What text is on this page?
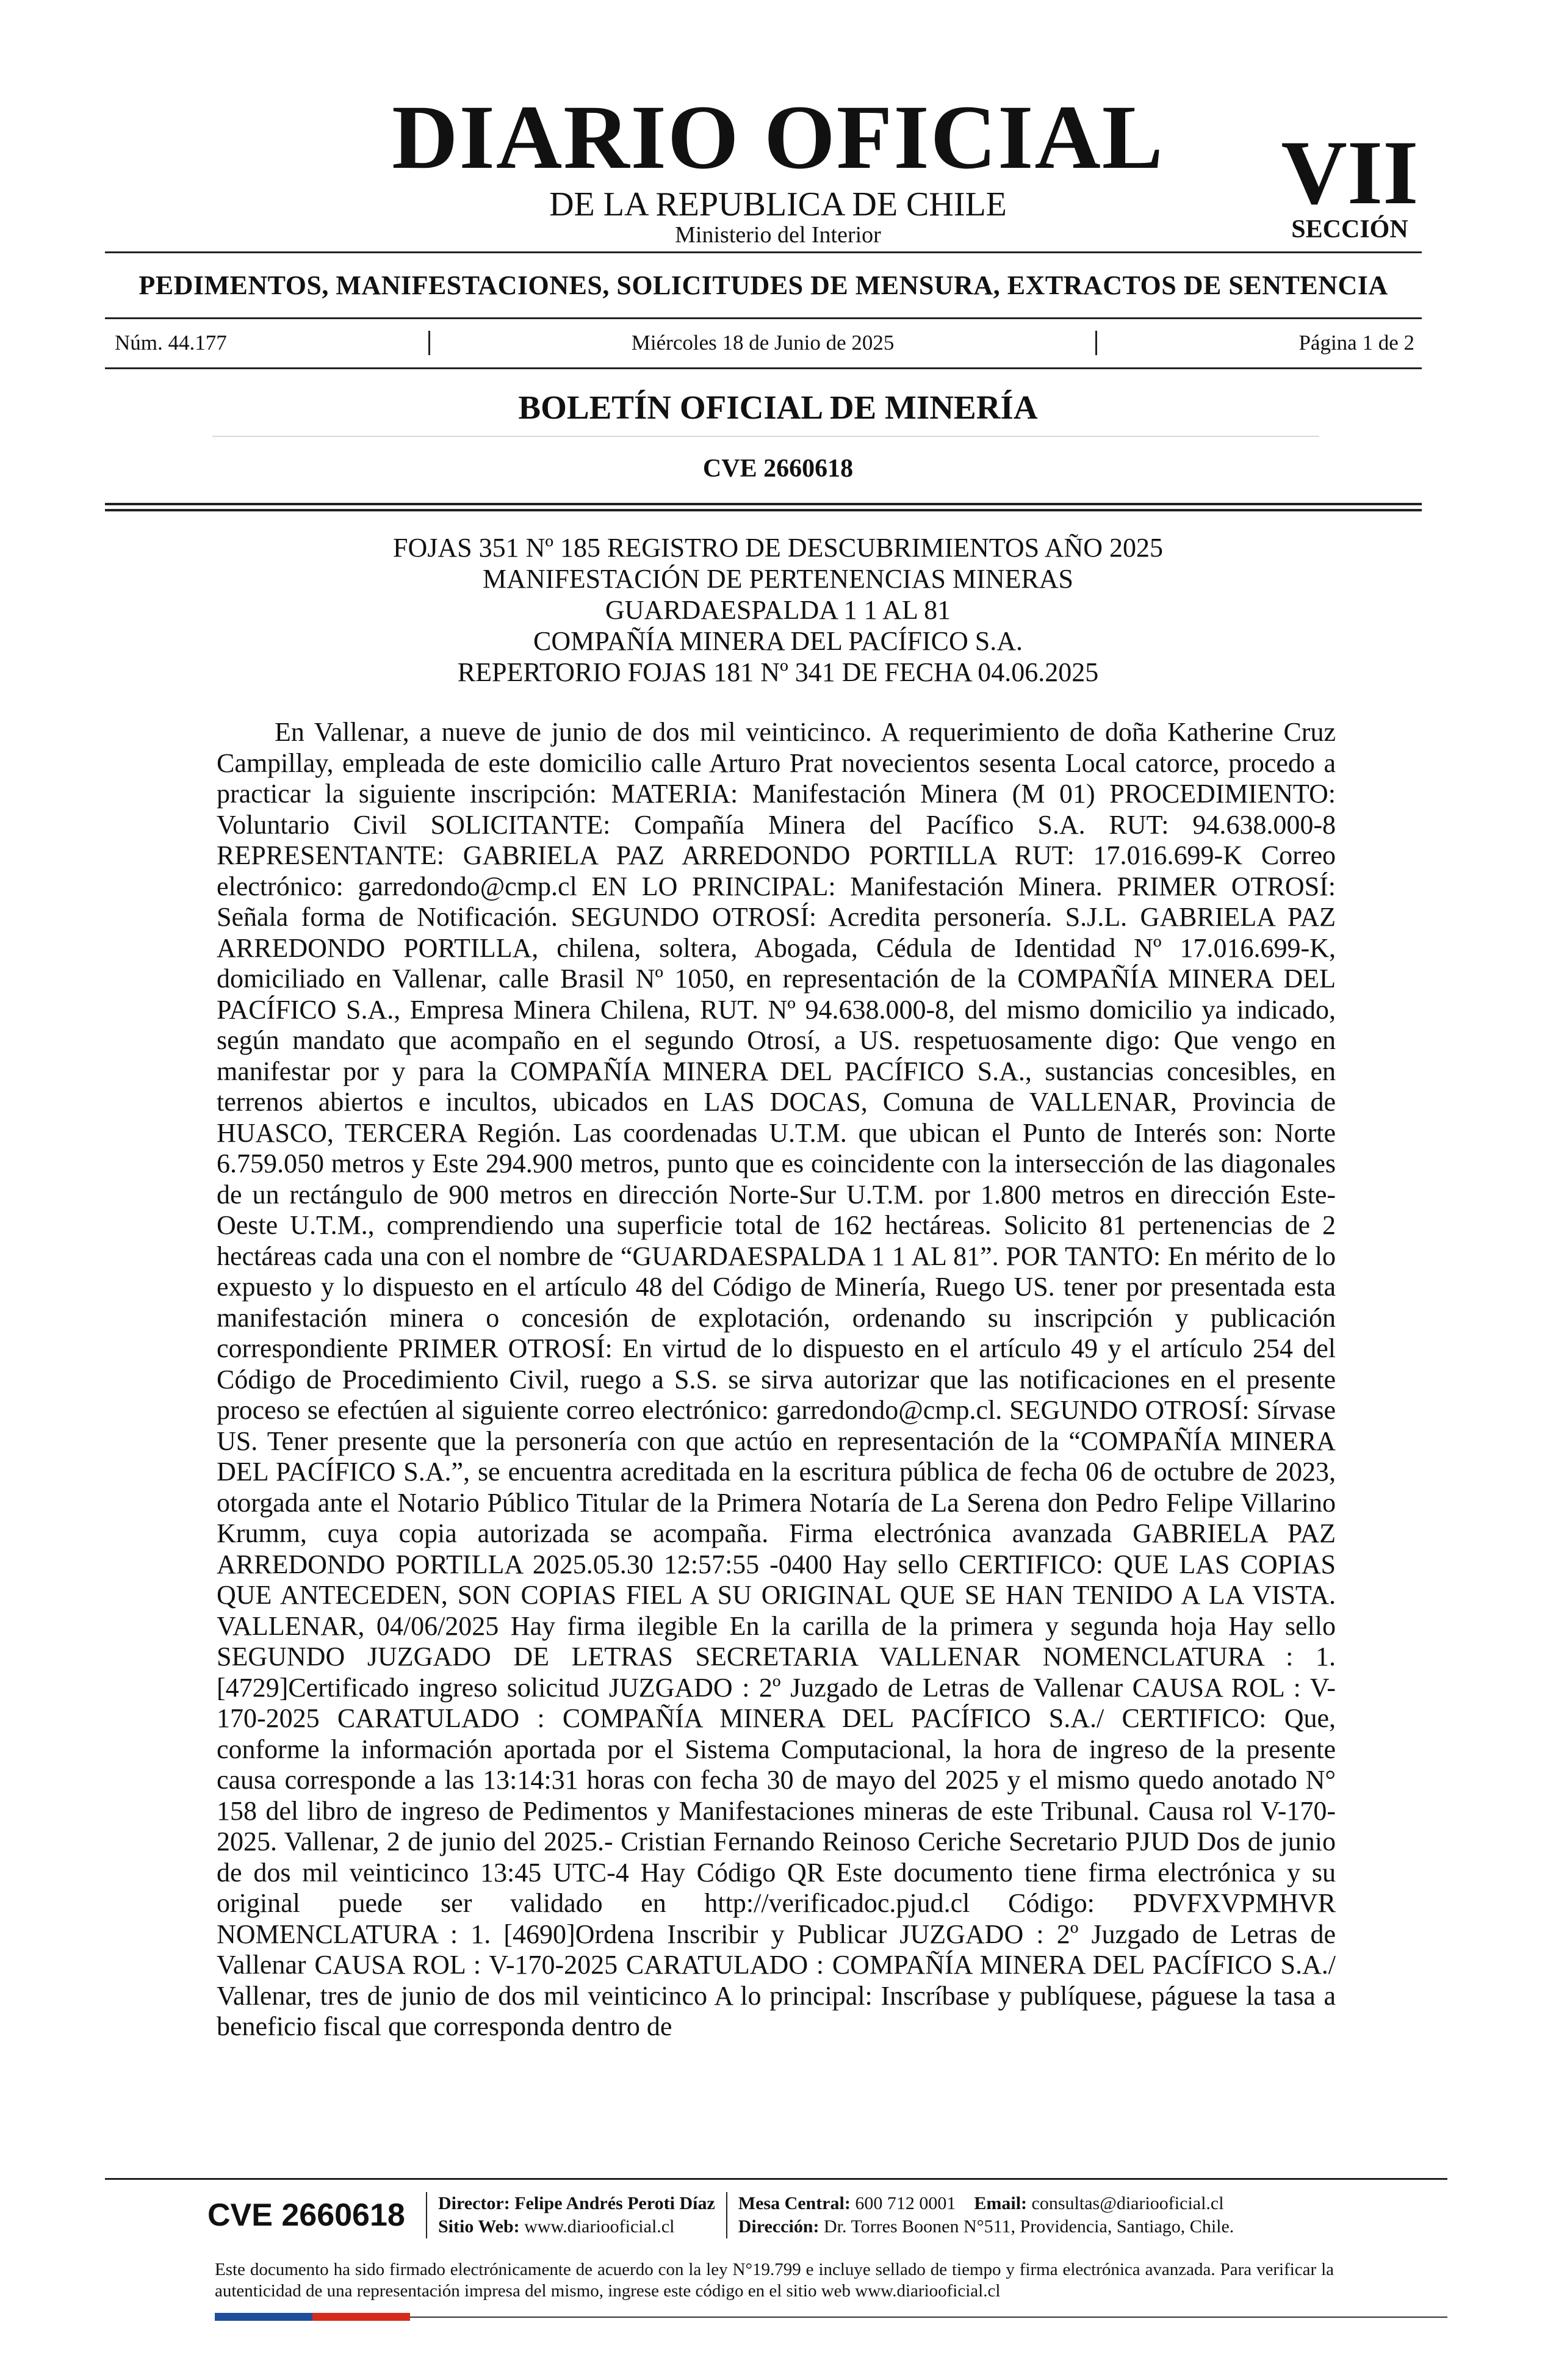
DIARIO OFICIAL
DE LA REPUBLICA DE CHILE
Ministerio del Interior
VII
SECCIÓN
PEDIMENTOS, MANIFESTACIONES, SOLICITUDES DE MENSURA, EXTRACTOS DE SENTENCIA
Núm. 44.177	Miércoles 18 de Junio de 2025	Página 1 de 2
BOLETÍN OFICIAL DE MINERÍA
CVE 2660618
FOJAS 351 Nº 185 REGISTRO DE DESCUBRIMIENTOS AÑO 2025
MANIFESTACIÓN DE PERTENENCIAS MINERAS
GUARDAESPALDA 1 1 AL 81
COMPAÑÍA MINERA DEL PACÍFICO S.A.
REPERTORIO FOJAS 181 Nº 341 DE FECHA 04.06.2025

En Vallenar, a nueve de junio de dos mil veinticinco. A requerimiento de doña Katherine Cruz Campillay, empleada de este domicilio calle Arturo Prat novecientos sesenta Local catorce, procedo a practicar la siguiente inscripción: MATERIA: Manifestación Minera (M 01) PROCEDIMIENTO: Voluntario Civil SOLICITANTE: Compañía Minera del Pacífico S.A. RUT: 94.638.000-8 REPRESENTANTE: GABRIELA PAZ ARREDONDO PORTILLA RUT: 17.016.699-K Correo electrónico: garredondo@cmp.cl EN LO PRINCIPAL: Manifestación Minera. PRIMER OTROSÍ: Señala forma de Notificación. SEGUNDO OTROSÍ: Acredita personería. S.J.L. GABRIELA PAZ ARREDONDO PORTILLA, chilena, soltera, Abogada, Cédula de Identidad Nº 17.016.699-K, domiciliado en Vallenar, calle Brasil Nº 1050, en representación de la COMPAÑÍA MINERA DEL PACÍFICO S.A., Empresa Minera Chilena, RUT. Nº 94.638.000-8, del mismo domicilio ya indicado, según mandato que acompaño en el segundo Otrosí, a US. respetuosamente digo: Que vengo en manifestar por y para la COMPAÑÍA MINERA DEL PACÍFICO S.A., sustancias concesibles, en terrenos abiertos e incultos, ubicados en LAS DOCAS, Comuna de VALLENAR, Provincia de HUASCO, TERCERA Región. Las coordenadas U.T.M. que ubican el Punto de Interés son: Norte 6.759.050 metros y Este 294.900 metros, punto que es coincidente con la intersección de las diagonales de un rectángulo de 900 metros en dirección Norte-Sur U.T.M. por 1.800 metros en dirección Este-Oeste U.T.M., comprendiendo una superficie total de 162 hectáreas. Solicito 81 pertenencias de 2 hectáreas cada una con el nombre de “GUARDAESPALDA 1 1 AL 81”. POR TANTO: En mérito de lo expuesto y lo dispuesto en el artículo 48 del Código de Minería, Ruego US. tener por presentada esta manifestación minera o concesión de explotación, ordenando su inscripción y publicación correspondiente PRIMER OTROSÍ: En virtud de lo dispuesto en el artículo 49 y el artículo 254 del Código de Procedimiento Civil, ruego a S.S. se sirva autorizar que las notificaciones en el presente proceso se efectúen al siguiente correo electrónico: garredondo@cmp.cl. SEGUNDO OTROSÍ: Sírvase US. Tener presente que la personería con que actúo en representación de la “COMPAÑÍA MINERA DEL PACÍFICO S.A.”, se encuentra acreditada en la escritura pública de fecha 06 de octubre de 2023, otorgada ante el Notario Público Titular de la Primera Notaría de La Serena don Pedro Felipe Villarino Krumm, cuya copia autorizada se acompaña. Firma electrónica avanzada GABRIELA PAZ ARREDONDO PORTILLA 2025.05.30 12:57:55 -0400 Hay sello CERTIFICO: QUE LAS COPIAS QUE ANTECEDEN, SON COPIAS FIEL A SU ORIGINAL QUE SE HAN TENIDO A LA VISTA. VALLENAR, 04/06/2025 Hay firma ilegible En la carilla de la primera y segunda hoja Hay sello SEGUNDO JUZGADO DE LETRAS SECRETARIA VALLENAR NOMENCLATURA : 1. [4729]Certificado ingreso solicitud JUZGADO : 2º Juzgado de Letras de Vallenar CAUSA ROL : V-170-2025 CARATULADO : COMPAÑÍA MINERA DEL PACÍFICO S.A./ CERTIFICO: Que, conforme la información aportada por el Sistema Computacional, la hora de ingreso de la presente causa corresponde a las 13:14:31 horas con fecha 30 de mayo del 2025 y el mismo quedo anotado N° 158 del libro de ingreso de Pedimentos y Manifestaciones mineras de este Tribunal. Causa rol V-170-2025. Vallenar, 2 de junio del 2025.- Cristian Fernando Reinoso Ceriche Secretario PJUD Dos de junio de dos mil veinticinco 13:45 UTC-4 Hay Código QR Este documento tiene firma electrónica y su original puede ser validado en http://verificadoc.pjud.cl Código: PDVFXVPMHVR NOMENCLATURA : 1. [4690]Ordena Inscribir y Publicar JUZGADO : 2º Juzgado de Letras de Vallenar CAUSA ROL : V-170-2025 CARATULADO : COMPAÑÍA MINERA DEL PACÍFICO S.A./ Vallenar, tres de junio de dos mil veinticinco A lo principal: Inscríbase y publíquese, páguese la tasa a beneficio fiscal que corresponda dentro de

CVE 2660618	Director: Felipe Andrés Peroti Díaz
Sitio Web: www.diariooficial.cl
Mesa Central: 600 712 0001 Email: consultas@diariooficial.cl
Dirección: Dr. Torres Boonen N°511, Providencia, Santiago, Chile.
Este documento ha sido firmado electrónicamente de acuerdo con la ley N°19.799 e incluye sellado de tiempo y firma electrónica avanzada. Para verificar la autenticidad de una representación impresa del mismo, ingrese este código en el sitio web www.diariooficial.cl
